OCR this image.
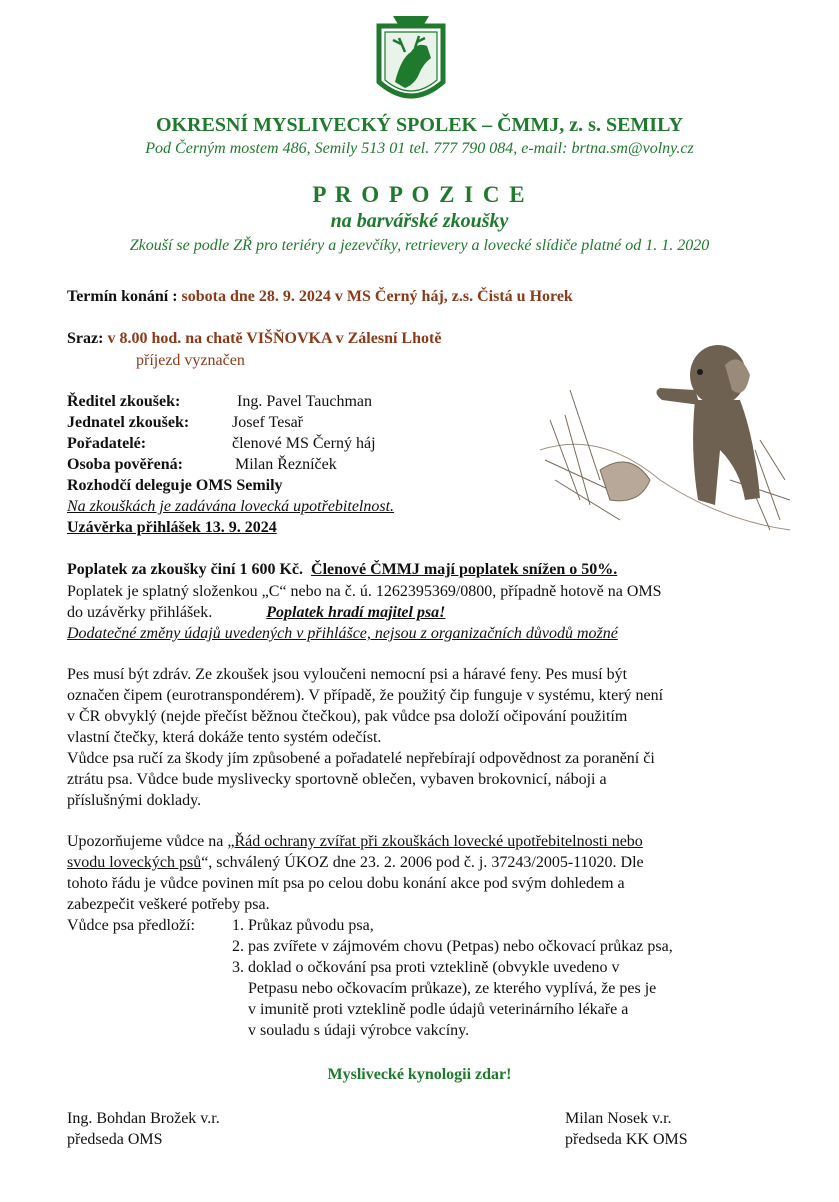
OKRESNÍ MYSLIVECKÝ SPOLEK – ČMMJ, z. s. SEMILY
Pod Černým mostem 486, Semily 513 01 tel. 777 790 084, e-mail: brtna.sm@volny.cz
P R O P O Z I C E
na barvářské zkoušky
Zkouší se podle ZŘ pro teriéry a jezevčíky, retrievery a lovecké slídiče platné od 1. 1. 2020
Termín konání : sobota dne 28. 9. 2024 v MS Černý háj, z.s. Čistá u Horek
Sraz: v 8.00 hod. na chatě VIŠŇOVKA v Zálesní Lhotě
příjezd vyznačen
Ředitel zkoušek:	Ing. Pavel Tauchman
Jednatel zkoušek:	Josef Tesař
Pořadatelé:	členové MS Černý háj
Osoba pověřená:	Milan Řezníček
Rozhodčí deleguje OMS Semily
Na zkouškách je zadávána lovecká upotřebitelnost.
Uzávěrka přihlášek 13. 9. 2024
Poplatek za zkoušky činí 1 600 Kč. Členové ČMMJ mají poplatek snížen o 50%.
Poplatek je splatný složenkou „C“ nebo na č. ú. 1262395369/0800, případně hotově na OMS
do uzávěrky přihlášek.	Poplatek hradí majitel psa!
Dodatečné změny údajů uvedených v přihlášce, nejsou z organizačních důvodů možné
Pes musí být zdráv. Ze zkoušek jsou vyloučeni nemocní psi a háravé feny. Pes musí být
označen čipem (eurotranspondérem). V případě, že použitý čip funguje v systému, který není
v ČR obvyklý (nejde přečíst běžnou čtečkou), pak vůdce psa doloží očipování použitím
vlastní čtečky, která dokáže tento systém odečíst.
Vůdce psa ručí za škody jím způsobené a pořadatelé nepřebírají odpovědnost za poranění či
ztrátu psa. Vůdce bude myslivecky sportovně oblečen, vybaven brokovnicí, náboji a
příslušnými doklady.
Upozorňujeme vůdce na „Řád ochrany zvířat při zkouškách lovecké upotřebitelnosti nebo
svodu loveckých psů“, schválený ÚKOZ dne 23. 2. 2006 pod č. j. 37243/2005-11020. Dle
tohoto řádu je vůdce povinen mít psa po celou dobu konání akce pod svým dohledem a
zabezpečit veškeré potřeby psa.
Vůdce psa předloží: 1. Průkaz původu psa,
2. pas zvířete v zájmovém chovu (Petpas) nebo očkovací průkaz psa,
3. doklad o očkování psa proti vzteklině (obvykle uvedeno v
Petpasu nebo očkovacím průkaze), ze kterého vyplívá, že pes je
v imunitě proti vzteklině podle údajů veterinárního lékaře a
v souladu s údaji výrobce vakcíny.
Myslivecké kynologii zdar!
Ing. Bohdan Brožek v.r.
předseda OMS
Milan Nosek v.r.
předseda KK OMS
